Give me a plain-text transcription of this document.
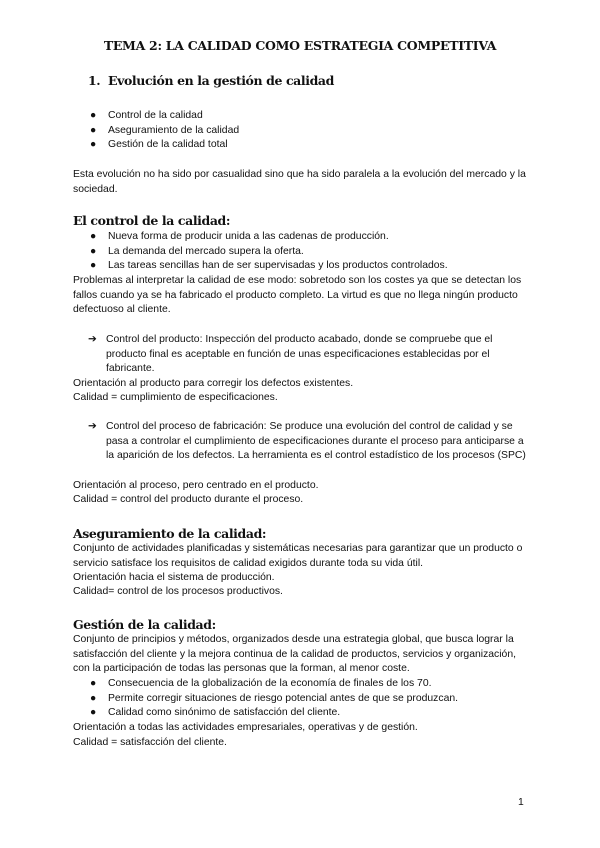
TEMA 2: LA CALIDAD COMO ESTRATEGIA COMPETITIVA
1. Evolución en la gestión de calidad
● Control de la calidad
● Aseguramiento de la calidad
● Gestión de la calidad total

Esta evolución no ha sido por casualidad sino que ha sido paralela a la evolución del mercado y la sociedad.

El control de la calidad:
● Nueva forma de producir unida a las cadenas de producción.
● La demanda del mercado supera la oferta.
● Las tareas sencillas han de ser supervisadas y los productos controlados.

Problemas al interpretar la calidad de ese modo: sobretodo son los costes ya que se detectan los fallos cuando ya se ha fabricado el producto completo. La virtud es que no llega ningún producto defectuoso al cliente.

➔ Control del producto: Inspección del producto acabado, donde se compruebe que el producto final es aceptable en función de unas especificaciones establecidas por el fabricante.

Orientación al producto para corregir los defectos existentes.

Calidad = cumplimiento de especificaciones.

➔ Control del proceso de fabricación: Se produce una evolución del control de calidad y se pasa a controlar el cumplimiento de especificaciones durante el proceso para anticiparse a la aparición de los defectos. La herramienta es el control estadístico de los procesos (SPC)

Orientación al proceso, pero centrado en el producto.

Calidad = control del producto durante el proceso.

Aseguramiento de la calidad:

Conjunto de actividades planificadas y sistemáticas necesarias para garantizar que un producto o servicio satisface los requisitos de calidad exigidos durante toda su vida útil.

Orientación hacia el sistema de producción.

Calidad= control de los procesos productivos.

Gestión de la calidad:

Conjunto de principios y métodos, organizados desde una estrategia global, que busca lograr la satisfacción del cliente y la mejora continua de la calidad de productos, servicios y organización, con la participación de todas las personas que la forman, al menor coste.

● Consecuencia de la globalización de la economía de finales de los 70.
● Permite corregir situaciones de riesgo potencial antes de que se produzcan.
● Calidad como sinónimo de satisfacción del cliente.

Orientación a todas las actividades empresariales, operativas y de gestión.

Calidad = satisfacción del cliente.

1
